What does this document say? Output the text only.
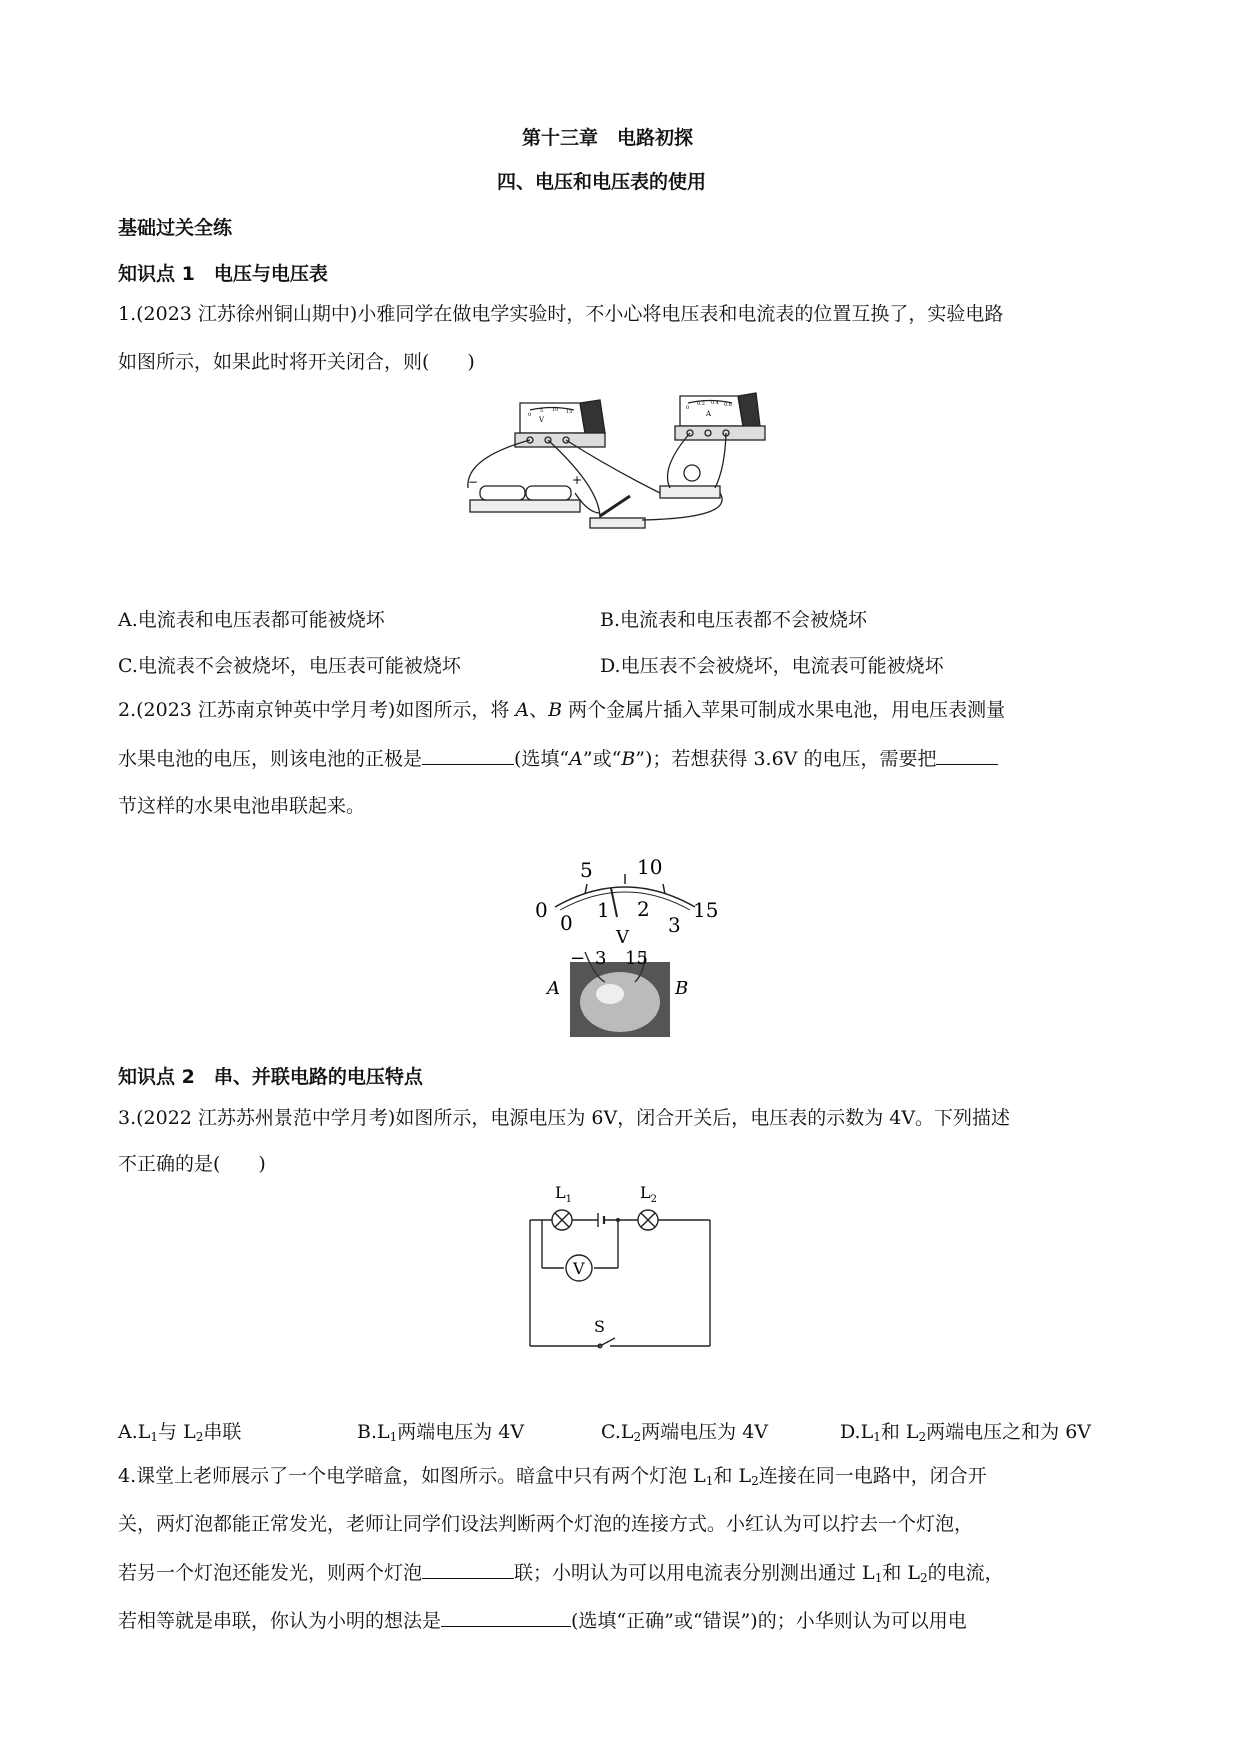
第十三章　电路初探
四、电压和电压表的使用
基础过关全练
知识点 1　电压与电压表
1.(2023 江苏徐州铜山期中)小雅同学在做电学实验时，不小心将电压表和电流表的位置互换了，实验电路
如图所示，如果此时将开关闭合，则(　　)
V
0
5 10 15	A
0
0.2 0.4 0.6
−	+
A.电流表和电压表都可能被烧坏	B.电流表和电压表都不会被烧坏
C.电流表不会被烧坏，电压表可能被烧坏	D.电压表不会被烧坏，电流表可能被烧坏
2.(2023 江苏南京钟英中学月考)如图所示，将 A、B 两个金属片插入苹果可制成水果电池，用电压表测量
水果电池的电压，则该电池的正极是	(选填“A”或“B”)；若想获得 3.6V 的电压，需要把
节这样的水果电池串联起来。
0
5 10
15
0
1 2
3
V
− 3 15
A	B
知识点 2　串、并联电路的电压特点
3.(2022 江苏苏州景范中学月考)如图所示，电源电压为 6V，闭合开关后，电压表的示数为 4V。下列描述
不正确的是(　　)
V
S
$L_1$	$L_2$
$A.L_1$与 $L_2$串联	$B.L_1$两端电压为 4V	$C.L_2$两端电压为 4V	$D.L_1$和 $L_2$两端电压之和为 6V
4.课堂上老师展示了一个电学暗盒，如图所示。暗盒中只有两个灯泡 $L_1$和 $L_2$连接在同一电路中，闭合开
关，两灯泡都能正常发光，老师让同学们设法判断两个灯泡的连接方式。小红认为可以拧去一个灯泡，
若另一个灯泡还能发光，则两个灯泡	联；小明认为可以用电流表分别测出通过 $L_1$和 $L_2$的电流，
若相等就是串联，你认为小明的想法是	(选填“正确”或“错误”)的；小华则认为可以用电
